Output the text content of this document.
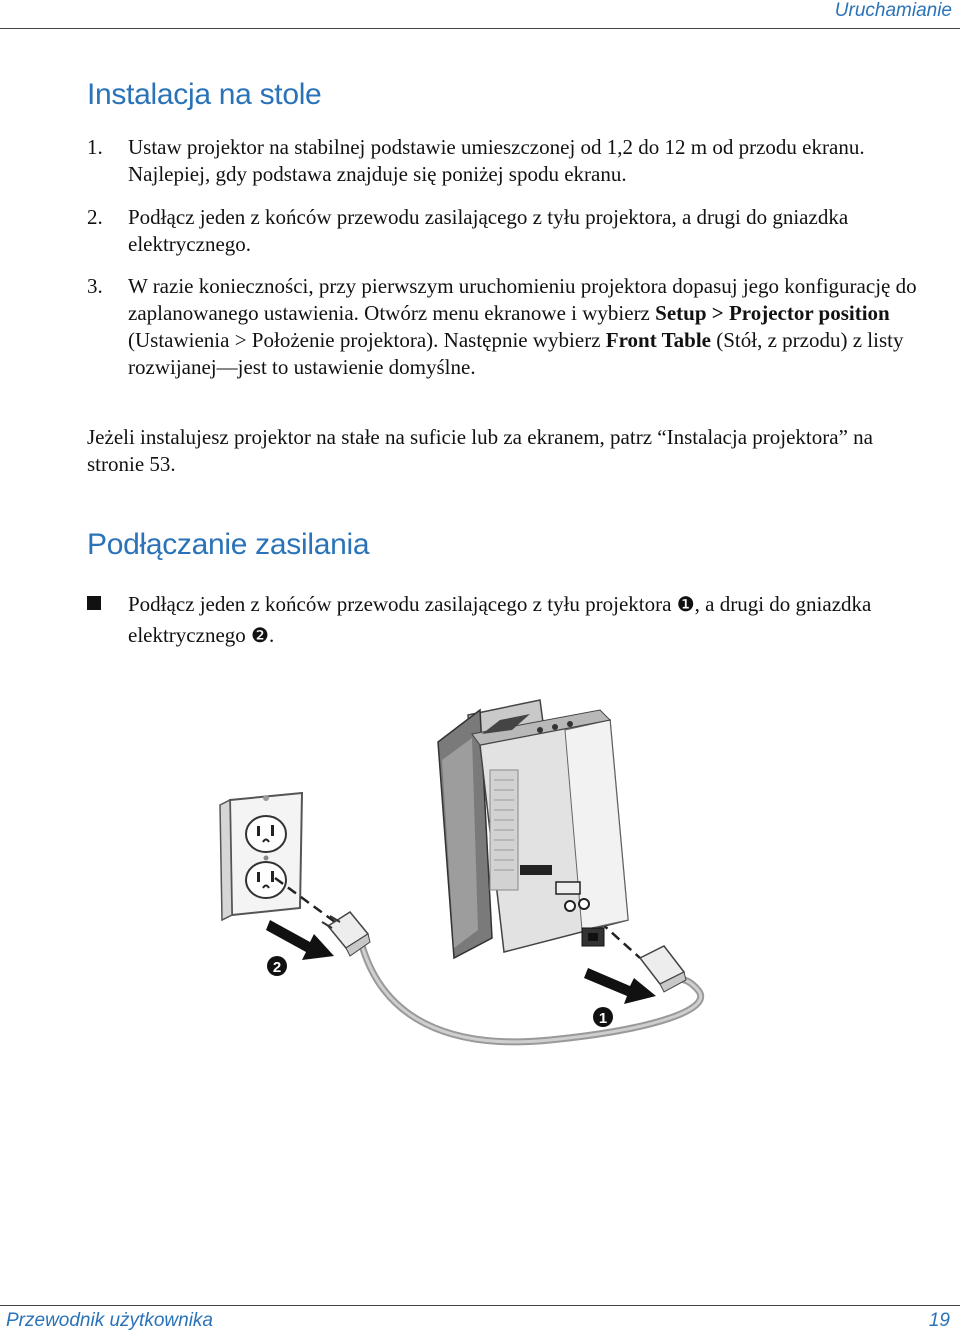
Uruchamianie
Instalacja na stole
1. Ustaw projektor na stabilnej podstawie umieszczonej od 1,2 do 12 m od przodu ekranu. Najlepiej, gdy podstawa znajduje się poniżej spodu ekranu.
2. Podłącz jeden z końców przewodu zasilającego z tyłu projektora, a drugi do gniazdka elektrycznego.
3. W razie konieczności, przy pierwszym uruchomieniu projektora dopasuj jego konfigurację do zaplanowanego ustawienia. Otwórz menu ekranowe i wybierz Setup > Projector position (Ustawienia > Położenie projektora). Następnie wybierz Front Table (Stół, z przodu) z listy rozwijanej—jest to ustawienie domyślne.
Jeżeli instalujesz projektor na stałe na suficie lub za ekranem, patrz “Instalacja projektora” na stronie 53.
Podłączanie zasilania
Podłącz jeden z końców przewodu zasilającego z tyłu projektora ❶, a drugi do gniazdka elektrycznego ❷.
2
1
Przewodnik użytkownika	19
